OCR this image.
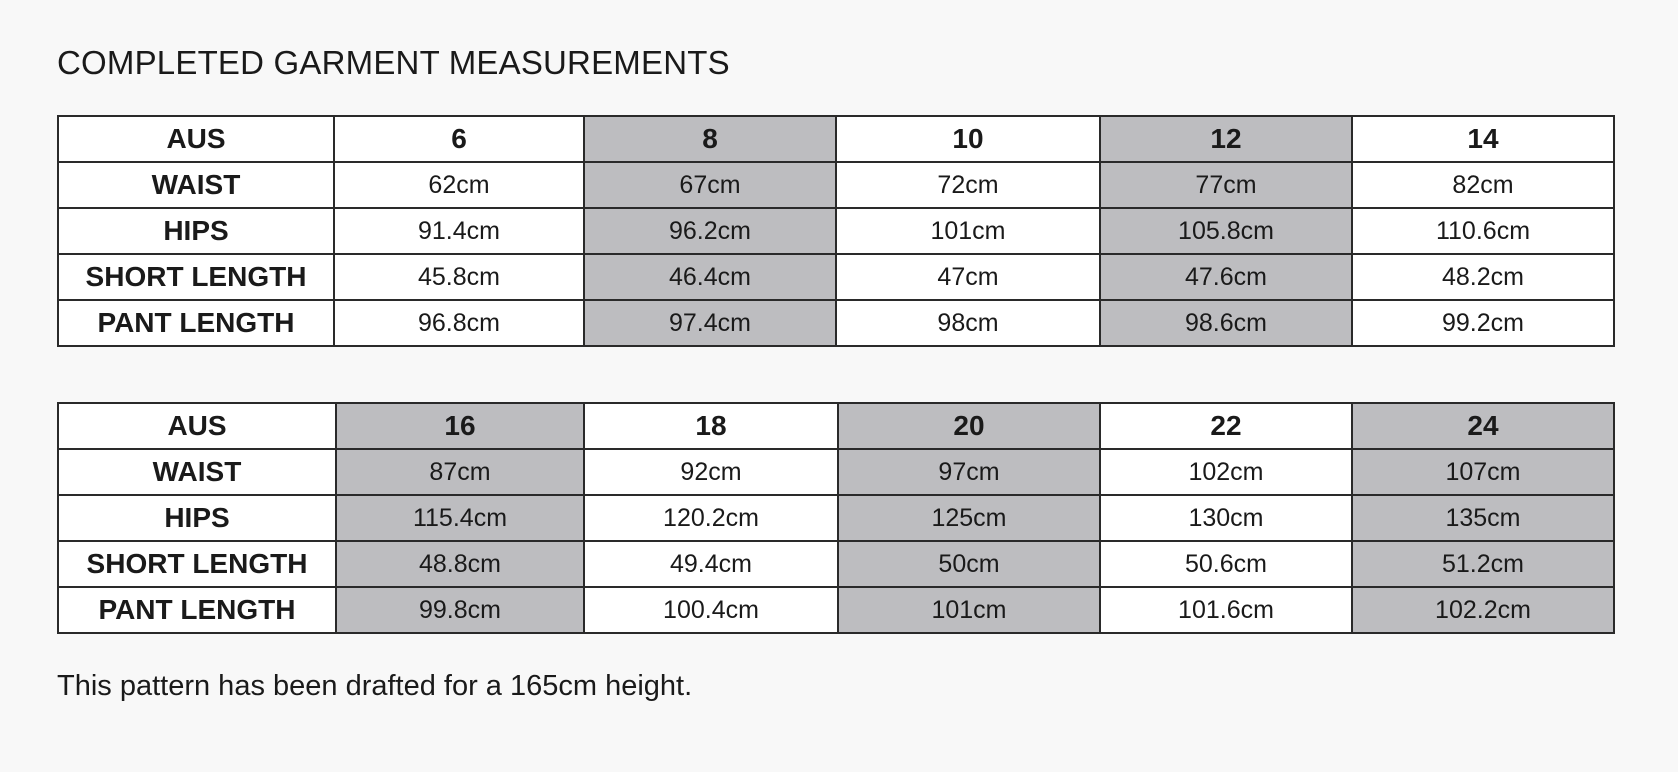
COMPLETED GARMENT MEASUREMENTS
AUS	6	8	10	12	14
WAIST	62cm	67cm	72cm	77cm	82cm
HIPS	91.4cm	96.2cm	101cm	105.8cm	110.6cm
SHORT LENGTH	45.8cm	46.4cm	47cm	47.6cm	48.2cm
PANT LENGTH	96.8cm	97.4cm	98cm	98.6cm	99.2cm
AUS	16	18	20	22	24
WAIST	87cm	92cm	97cm	102cm	107cm
HIPS	115.4cm	120.2cm	125cm	130cm	135cm
SHORT LENGTH	48.8cm	49.4cm	50cm	50.6cm	51.2cm
PANT LENGTH	99.8cm	100.4cm	101cm	101.6cm	102.2cm
This pattern has been drafted for a 165cm height.
